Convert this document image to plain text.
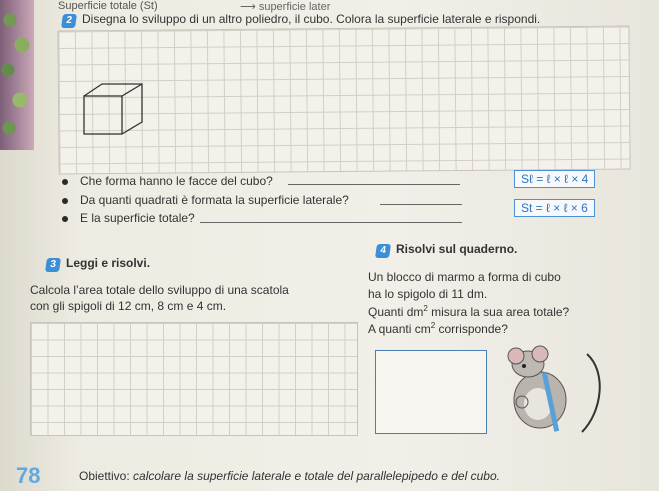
Superficie totale (St)	⟶ superficie later
2 Disegna lo sviluppo di un altro poliedro, il cubo. Colora la superficie laterale e rispondi.
Che forma hanno le facce del cubo?
Da quanti quadrati è formata la superficie laterale?
E la superficie totale?
Sℓ = ℓ × ℓ × 4
St = ℓ × ℓ × 6
3 Leggi e risolvi.
Calcola l’area totale dello sviluppo di una scatola
con gli spigoli di 12 cm, 8 cm e 4 cm.
4 Risolvi sul quaderno.
Un blocco di marmo a forma di cubo
ha lo spigolo di 11 dm.
Quanti $dm^2$ misura la sua area totale?
A quanti $cm^2$ corrisponde?
78	Obiettivo: calcolare la superficie laterale e totale del parallelepipedo e del cubo.
